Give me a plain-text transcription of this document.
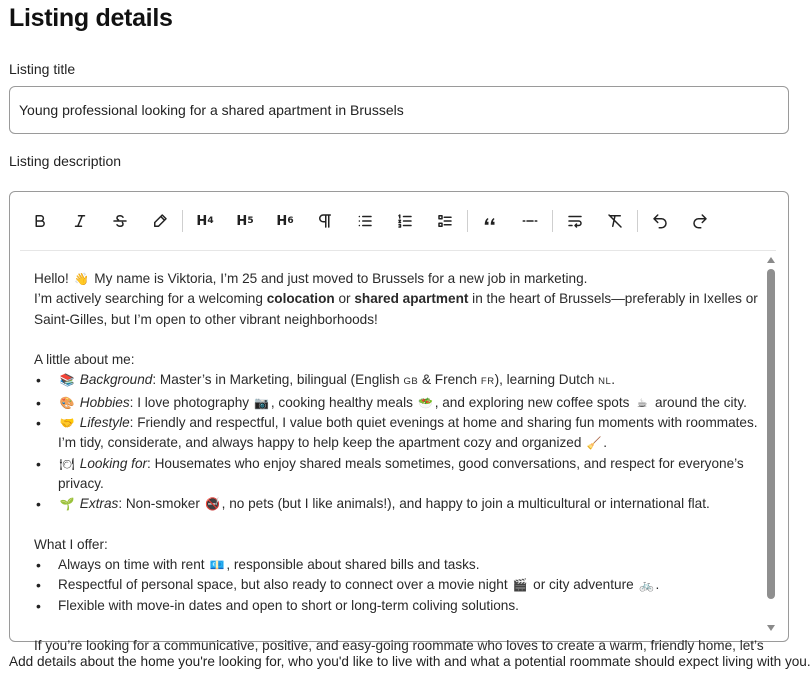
Listing details
Listing title
Young professional looking for a shared apartment in Brussels
Listing description
H 4 H 5 H 6

Hello! 👋 My name is Viktoria, I’m 25 and just moved to Brussels for a new job in marketing.

I’m actively searching for a welcoming colocation or shared apartment in the heart of Brussels—preferably in Ixelles or Saint-Gilles, but I’m open to other vibrant neighborhoods!

A little about me:

• 📚 Background: Master’s in Marketing, bilingual (English GB & French FR), learning Dutch NL.
• 🎨 Hobbies: I love photography 📷 , cooking healthy meals 🥗 , and exploring new coffee spots ☕ around the city.
• 🤝 Lifestyle: Friendly and respectful, I value both quiet evenings at home and sharing fun moments with roommates. I’m tidy, considerate, and always happy to help keep the apartment cozy and organized 🧹 .
• 🍽 Looking for: Housemates who enjoy shared meals sometimes, good conversations, and respect for everyone’s privacy.
• 🌱 Extras: Non-smoker 🚭 , no pets (but I like animals!), and happy to join a multicultural or international flat.

What I offer:

• Always on time with rent 💶 , responsible about shared bills and tasks.
• Respectful of personal space, but also ready to connect over a movie night 🎬 or city adventure 🚲 .
• Flexible with move-in dates and open to short or long-term coliving solutions.

If you’re looking for a communicative, positive, and easy-going roommate who loves to create a warm, friendly home, let’s

Add details about the home you're looking for, who you'd like to live with and what a potential roommate should expect living with you.
